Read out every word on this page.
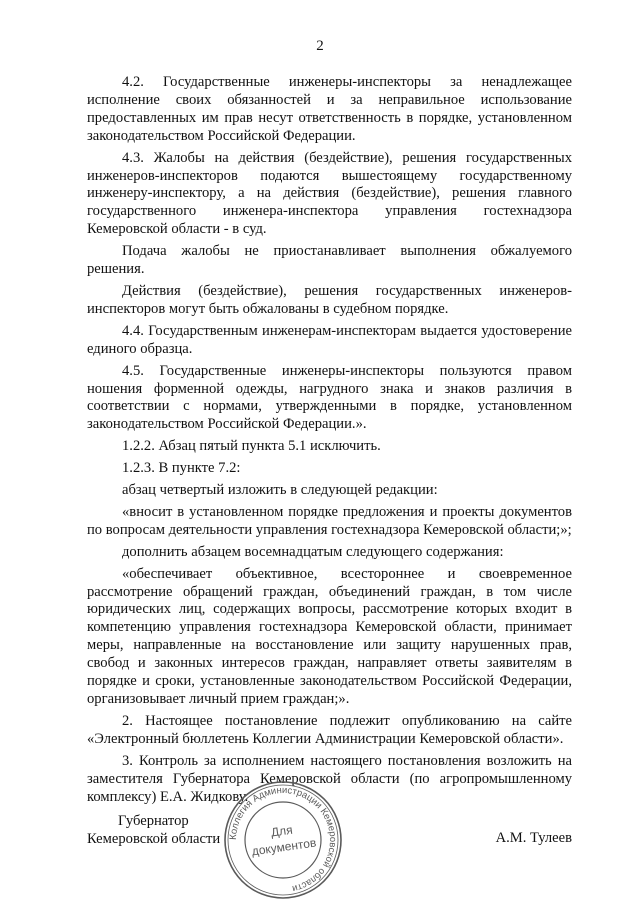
2

4.2. Государственные инженеры-инспекторы за ненадлежащее исполнение своих обязанностей и за неправильное использование предоставленных им прав несут ответственность в порядке, установленном законодательством Российской Федерации.

4.3. Жалобы на действия (бездействие), решения государственных инженеров-инспекторов подаются вышестоящему государственному инженеру-инспектору, а на действия (бездействие), решения главного государственного инженера-инспектора управления гостехнадзора Кемеровской области - в суд.

Подача жалобы не приостанавливает выполнения обжалуемого решения.

Действия (бездействие), решения государственных инженеров-инспекторов могут быть обжалованы в судебном порядке.

4.4. Государственным инженерам-инспекторам выдается удостоверение единого образца.

4.5. Государственные инженеры-инспекторы пользуются правом ношения форменной одежды, нагрудного знака и знаков различия в соответствии с нормами, утвержденными в порядке, установленном законодательством Российской Федерации.».

1.2.2. Абзац пятый пункта 5.1 исключить.

1.2.3. В пункте 7.2:

абзац четвертый изложить в следующей редакции:

«вносит в установленном порядке предложения и проекты документов по вопросам деятельности управления гостехнадзора Кемеровской области;»;

дополнить абзацем восемнадцатым следующего содержания:

«обеспечивает объективное, всестороннее и своевременное рассмотрение обращений граждан, объединений граждан, в том числе юридических лиц, содержащих вопросы, рассмотрение которых входит в компетенцию управления гостехнадзора Кемеровской области, принимает меры, направленные на восстановление или защиту нарушенных прав, свобод и законных интересов граждан, направляет ответы заявителям в порядке и сроки, установленные законодательством Российской Федерации, организовывает личный прием граждан;».

2. Настоящее постановление подлежит опубликованию на сайте «Электронный бюллетень Коллегии Администрации Кемеровской области».

3. Контроль за исполнением настоящего постановления возложить на заместителя Губернатора Кемеровской области (по агропромышленному комплексу) Е.А. Жидкову.

Губернатор
Кемеровской области	А.М. Тулеев
Коллегия Администрации Кемеровской области
Для
документов
